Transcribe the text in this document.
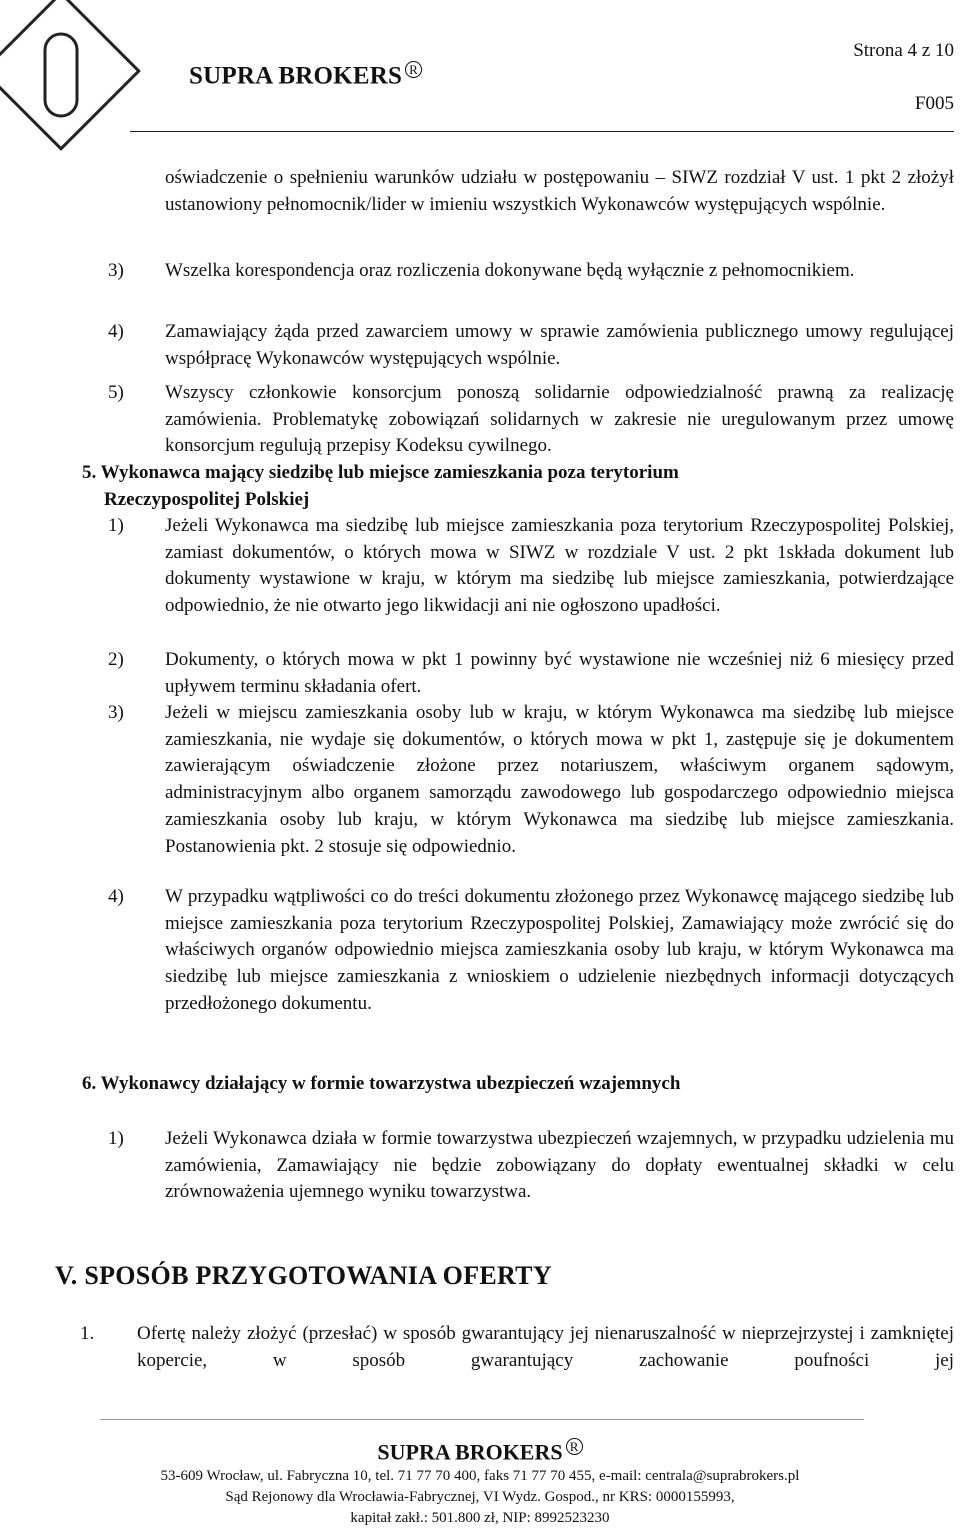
Strona 4 z 10
SUPRA BROKERS $^R$
F005
oświadczenie o spełnieniu warunków udziału w postępowaniu – SIWZ rozdział V ust. 1 pkt 2 złożył ustanowiony pełnomocnik/lider w imieniu wszystkich Wykonawców występujących wspólnie.
3) Wszelka korespondencja oraz rozliczenia dokonywane będą wyłącznie z pełnomocnikiem.
4) Zamawiający żąda przed zawarciem umowy w sprawie zamówienia publicznego umowy regulującej współpracę Wykonawców występujących wspólnie.
5) Wszyscy członkowie konsorcjum ponoszą solidarnie odpowiedzialność prawną za realizację zamówienia. Problematykę zobowiązań solidarnych w zakresie nie uregulowanym przez umowę konsorcjum regulują przepisy Kodeksu cywilnego.
5. Wykonawca mający siedzibę lub miejsce zamieszkania poza terytorium
Rzeczypospolitej Polskiej
1) Jeżeli Wykonawca ma siedzibę lub miejsce zamieszkania poza terytorium Rzeczypospolitej Polskiej, zamiast dokumentów, o których mowa w SIWZ w rozdziale V ust. 2 pkt 1składa dokument lub dokumenty wystawione w kraju, w którym ma siedzibę lub miejsce zamieszkania, potwierdzające odpowiednio, że nie otwarto jego likwidacji ani nie ogłoszono upadłości.
2) Dokumenty, o których mowa w pkt 1 powinny być wystawione nie wcześniej niż 6 miesięcy przed upływem terminu składania ofert.
3) Jeżeli w miejscu zamieszkania osoby lub w kraju, w którym Wykonawca ma siedzibę lub miejsce zamieszkania, nie wydaje się dokumentów, o których mowa w pkt 1, zastępuje się je dokumentem zawierającym oświadczenie złożone przez notariuszem, właściwym organem sądowym, administracyjnym albo organem samorządu zawodowego lub gospodarczego odpowiednio miejsca zamieszkania osoby lub kraju, w którym Wykonawca ma siedzibę lub miejsce zamieszkania. Postanowienia pkt. 2 stosuje się odpowiednio.
4) W przypadku wątpliwości co do treści dokumentu złożonego przez Wykonawcę mającego siedzibę lub miejsce zamieszkania poza terytorium Rzeczypospolitej Polskiej, Zamawiający może zwrócić się do właściwych organów odpowiednio miejsca zamieszkania osoby lub kraju, w którym Wykonawca ma siedzibę lub miejsce zamieszkania z wnioskiem o udzielenie niezbędnych informacji dotyczących przedłożonego dokumentu.
6. Wykonawcy działający w formie towarzystwa ubezpieczeń wzajemnych
1) Jeżeli Wykonawca działa w formie towarzystwa ubezpieczeń wzajemnych, w przypadku udzielenia mu zamówienia, Zamawiający nie będzie zobowiązany do dopłaty ewentualnej składki w celu zrównoważenia ujemnego wyniku towarzystwa.
V. SPOSÓB PRZYGOTOWANIA OFERTY
1. Ofertę należy złożyć (przesłać) w sposób gwarantujący jej nienaruszalność w nieprzejrzystej i zamkniętej kopercie, w sposób gwarantujący zachowanie poufności jej
SUPRA BROKERS $^R$
53-609 Wrocław, ul. Fabryczna 10, tel. 71 77 70 400, faks 71 77 70 455, e-mail: centrala@suprabrokers.pl
Sąd Rejonowy dla Wrocławia-Fabrycznej, VI Wydz. Gospod., nr KRS: 0000155993,
kapitał zakł.: 501.800 zł, NIP: 8992523230
